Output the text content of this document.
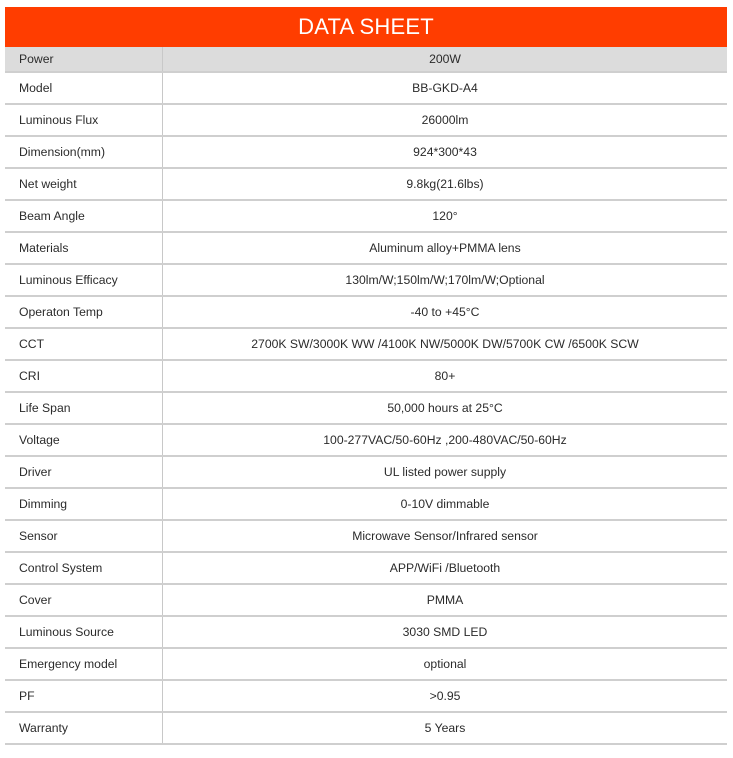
DATA SHEET
Power	200W
Model	BB-GKD-A4
Luminous Flux	26000lm
Dimension(mm)	924*300*43
Net weight	9.8kg(21.6lbs)
Beam Angle	120°
Materials	Aluminum alloy+PMMA lens
Luminous Efficacy	130lm/W;150lm/W;170lm/W;Optional
Operaton Temp	-40 to +45°C
CCT	2700K SW/3000K WW /4100K NW/5000K DW/5700K CW /6500K SCW
CRI	80+
Life Span	50,000 hours at 25°C
Voltage	100-277VAC/50-60Hz ,200-480VAC/50-60Hz
Driver	UL listed power supply
Dimming	0-10V dimmable
Sensor	Microwave Sensor/Infrared sensor
Control System	APP/WiFi /Bluetooth
Cover	PMMA
Luminous Source	3030 SMD LED
Emergency model	optional
PF	>0.95
Warranty	5 Years
